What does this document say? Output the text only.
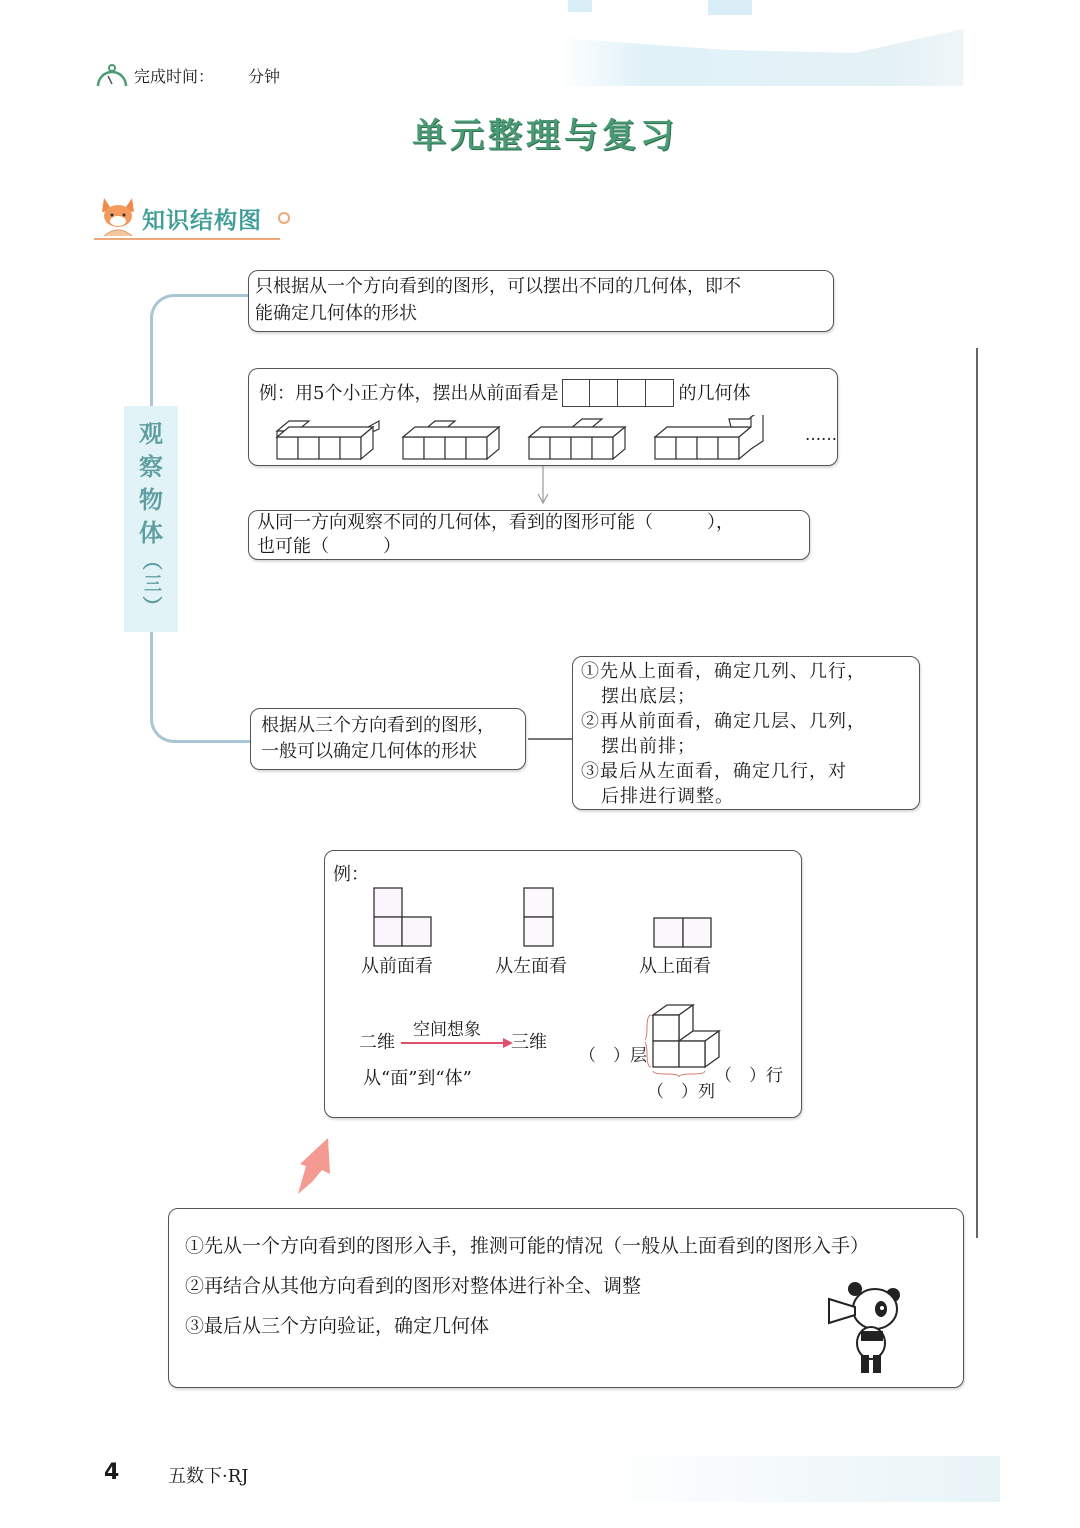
完成时间： 分钟
单元整理与复习
知识结构图
观
察
物
体
（
三
）
只根据从一个方向看到的图形，可以摆出不同的几何体，即不
能确定几何体的形状
例：用5个小正方体，摆出从前面看是	的几何体
……
从同一方向观察不同的几何体，看到的图形可能（　　　），
也可能（　　　）
根据从三个方向看到的图形，
一般可以确定几何体的形状
①先从上面看，确定几列、几行，
摆出底层；
②再从前面看，确定几层、几列，
摆出前排；
③最后从左面看，确定几行，对
后排进行调整。
例：
从前面看	从左面看	从上面看
二维
空间想象
三维
从“面”到“体”
（　）层
（　）列
（　）行
①先从一个方向看到的图形入手，推测可能的情况（一般从上面看到的图形入手）
②再结合从其他方向看到的图形对整体进行补全、调整
③最后从三个方向验证，确定几何体
4	五数下·RJ
